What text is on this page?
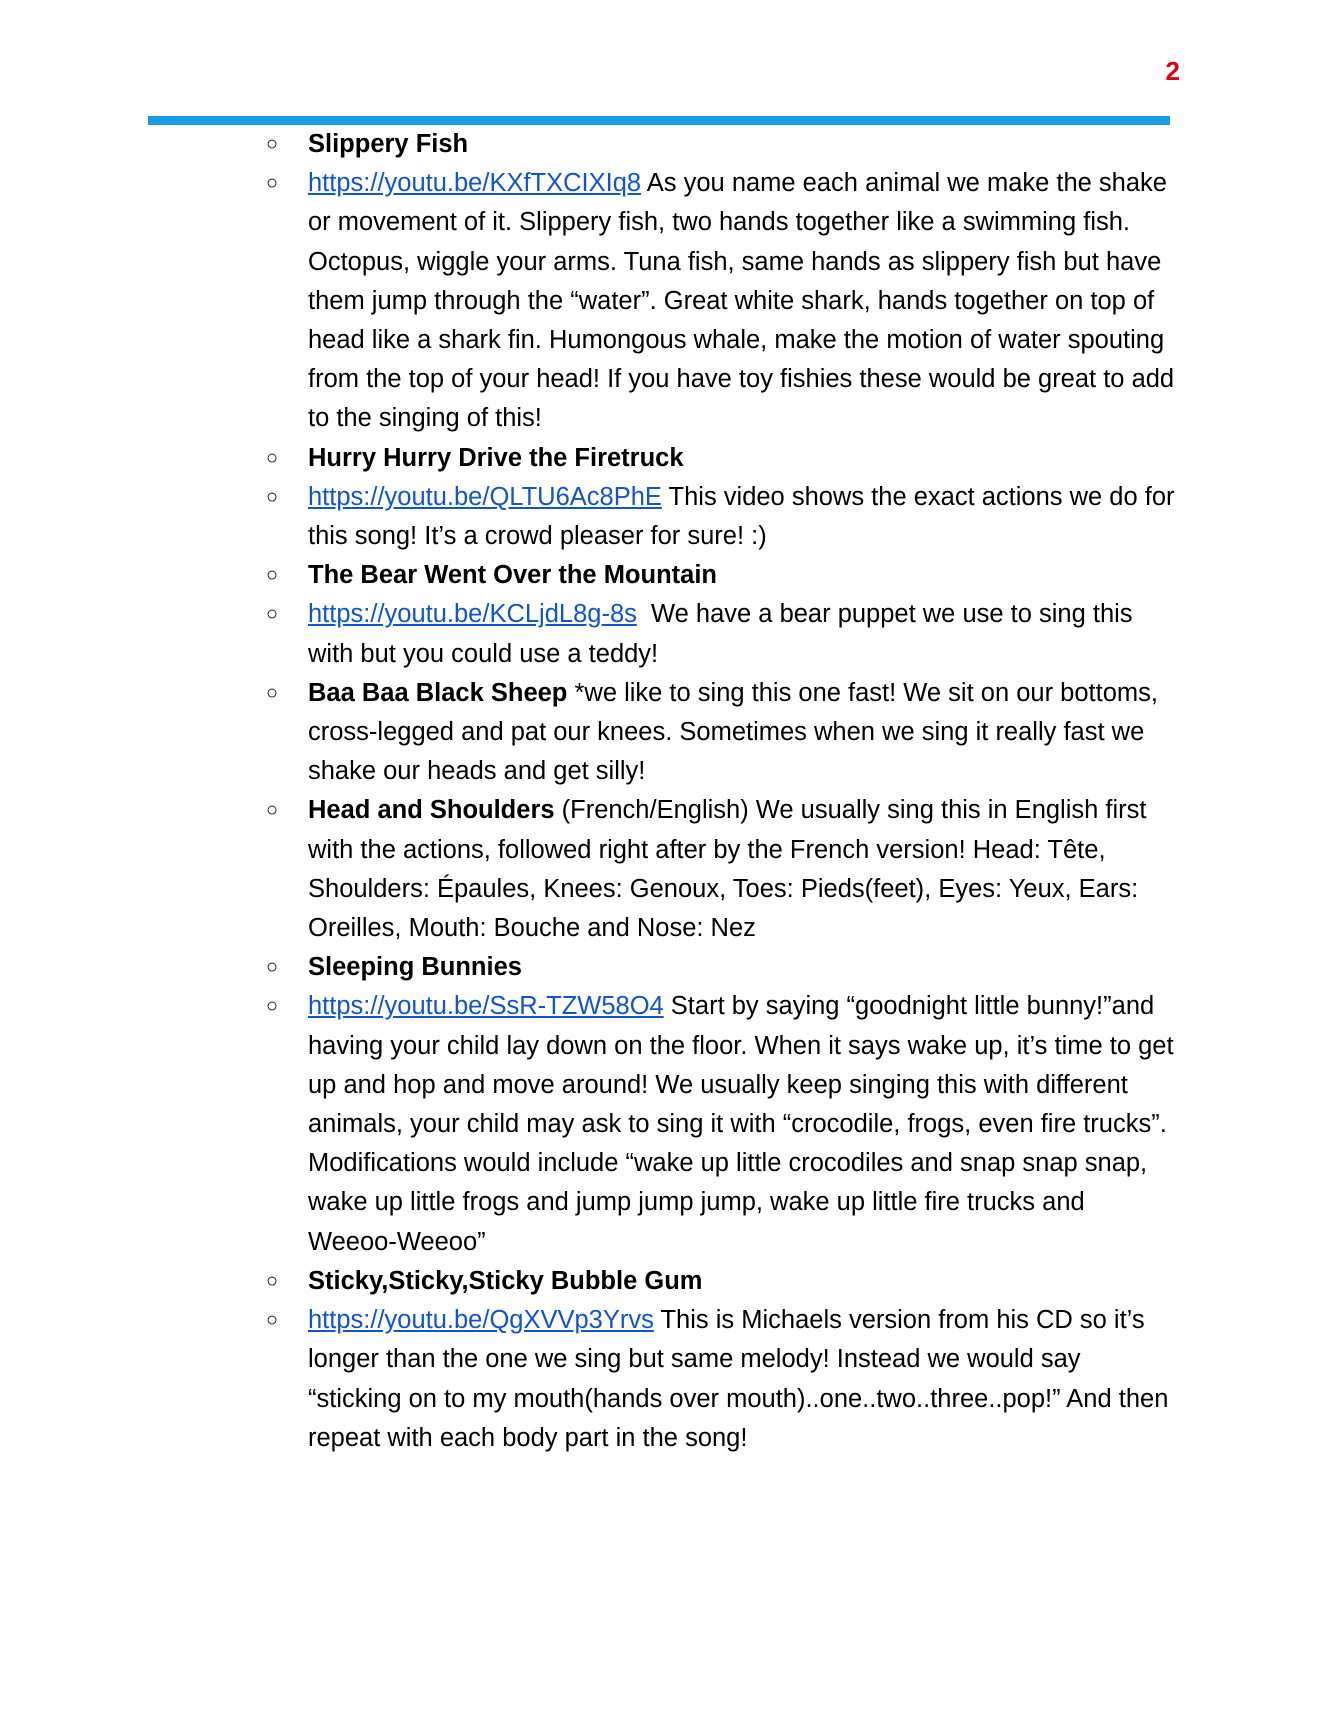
2
○ Slippery Fish
○ https://youtu.be/KXfTXCIXIq8 As you name each animal we make the shake or movement of it. Slippery fish, two hands together like a swimming fish. Octopus, wiggle your arms. Tuna fish, same hands as slippery fish but have them jump through the “water”. Great white shark, hands together on top of head like a shark fin. Humongous whale, make the motion of water spouting from the top of your head! If you have toy fishies these would be great to add to the singing of this!
○ Hurry Hurry Drive the Firetruck
○ https://youtu.be/QLTU6Ac8PhE This video shows the exact actions we do for this song! It’s a crowd pleaser for sure! :)
○ The Bear Went Over the Mountain
○ https://youtu.be/KCLjdL8g-8s  We have a bear puppet we use to sing this with but you could use a teddy!
○ Baa Baa Black Sheep *we like to sing this one fast! We sit on our bottoms, cross-legged and pat our knees. Sometimes when we sing it really fast we shake our heads and get silly!
○ Head and Shoulders (French/English) We usually sing this in English first with the actions, followed right after by the French version! Head: Tête, Shoulders: Épaules, Knees: Genoux, Toes: Pieds(feet), Eyes: Yeux, Ears: Oreilles, Mouth: Bouche and Nose: Nez
○ Sleeping Bunnies
○ https://youtu.be/SsR-TZW58O4 Start by saying “goodnight little bunny!”and having your child lay down on the floor. When it says wake up, it’s time to get up and hop and move around! We usually keep singing this with different animals, your child may ask to sing it with “crocodile, frogs, even fire trucks”. Modifications would include “wake up little crocodiles and snap snap snap, wake up little frogs and jump jump jump, wake up little fire trucks and Weeoo-Weeoo”
○ Sticky,Sticky,Sticky Bubble Gum
○ https://youtu.be/QgXVVp3Yrvs This is Michaels version from his CD so it’s longer than the one we sing but same melody! Instead we would say “sticking on to my mouth(hands over mouth)..one..two..three..pop!” And then repeat with each body part in the song!
